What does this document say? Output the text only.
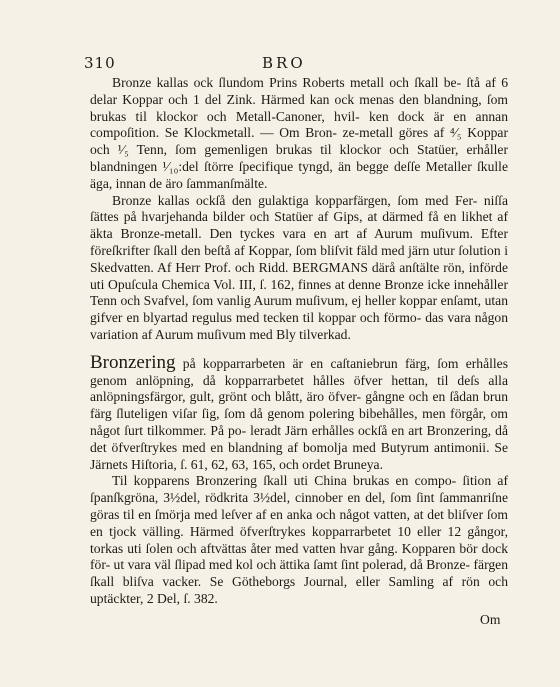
310	BRO

Bronze kallas ock ſlundom Prins Roberts metall och ſkall be- ſtå af 6 delar Koppar och 1 del Zink. Härmed kan ock menas den blandning, ſom brukas til klockor och Metall-Canoner, hvil- ken dock är en annan compoſition. Se Klockmetall. — Om Bron- ze-metall göres af ⁴⁄₅ Koppar och ¹⁄₅ Tenn, ſom gemenligen brukas til klockor och Statüer, erhåller blandningen ¹⁄₁₀:del ſtörre ſpecifique tyngd, än begge deſſe Metaller ſkulle äga, innan de äro ſammanſmälte.

Bronze kallas ockſå den gulaktiga kopparfärgen, ſom med Fer- niſſa ſättes på hvarjehanda bilder och Statüer af Gips, at därmed få en likhet af äkta Bronze-metall. Den tyckes vara en art af Aurum muſivum. Efter föreſkrifter ſkall den beſtå af Koppar, ſom bliſvit fäld med järn utur ſolution i Skedvatten. Af Herr Prof. och Ridd. BERGMANS därå anſtälte rön, införde uti Opuſcula Chemica Vol. III, ſ. 162, finnes at denne Bronze icke innehåller Tenn och Svafvel, ſom vanlig Aurum muſivum, ej heller koppar enſamt, utan gifver en blyartad regulus med tecken til koppar och förmo- das vara någon variation af Aurum muſivum med Bly tilverkad.

Bronzering på kopparrarbeten är en caſtaniebrun färg, ſom erhålles genom anlöpning, då kopparrarbetet hålles öfver hettan, til deſs alla anlöpningsfärgor, gult, grönt och blått, äro öfver- gångne och en ſådan brun färg ſluteligen viſar ſig, ſom då genom polering bibehålles, men förgår, om något ſurt tilkommer. På po- leradt Järn erhålles ockſå en art Bronzering, då det öfverſtrykes med en blandning af bomolja med Butyrum antimonii. Se Järnets Hiſtoria, ſ. 61, 62, 63, 165, och ordet Bruneya.

Til kopparens Bronzering ſkall uti China brukas en compo- ſition af ſpanſkgröna, 3½del, rödkrita 3½del, cinnober en del, ſom ſint ſammanriſne göras til en ſmörja med leſver af en anka och något vatten, at det bliſver ſom en tjock välling. Härmed öfverſtrykes kopparrarbetet 10 eller 12 gångor, torkas uti ſolen och aftvättas åter med vatten hvar gång. Kopparen bör dock för- ut vara väl ſlipad med kol och ättika ſamt ſint polerad, då Bronze- färgen ſkall bliſva vacker. Se Götheborgs Journal, eller Samling af rön och uptäckter, 2 Del, ſ. 382.

Om
